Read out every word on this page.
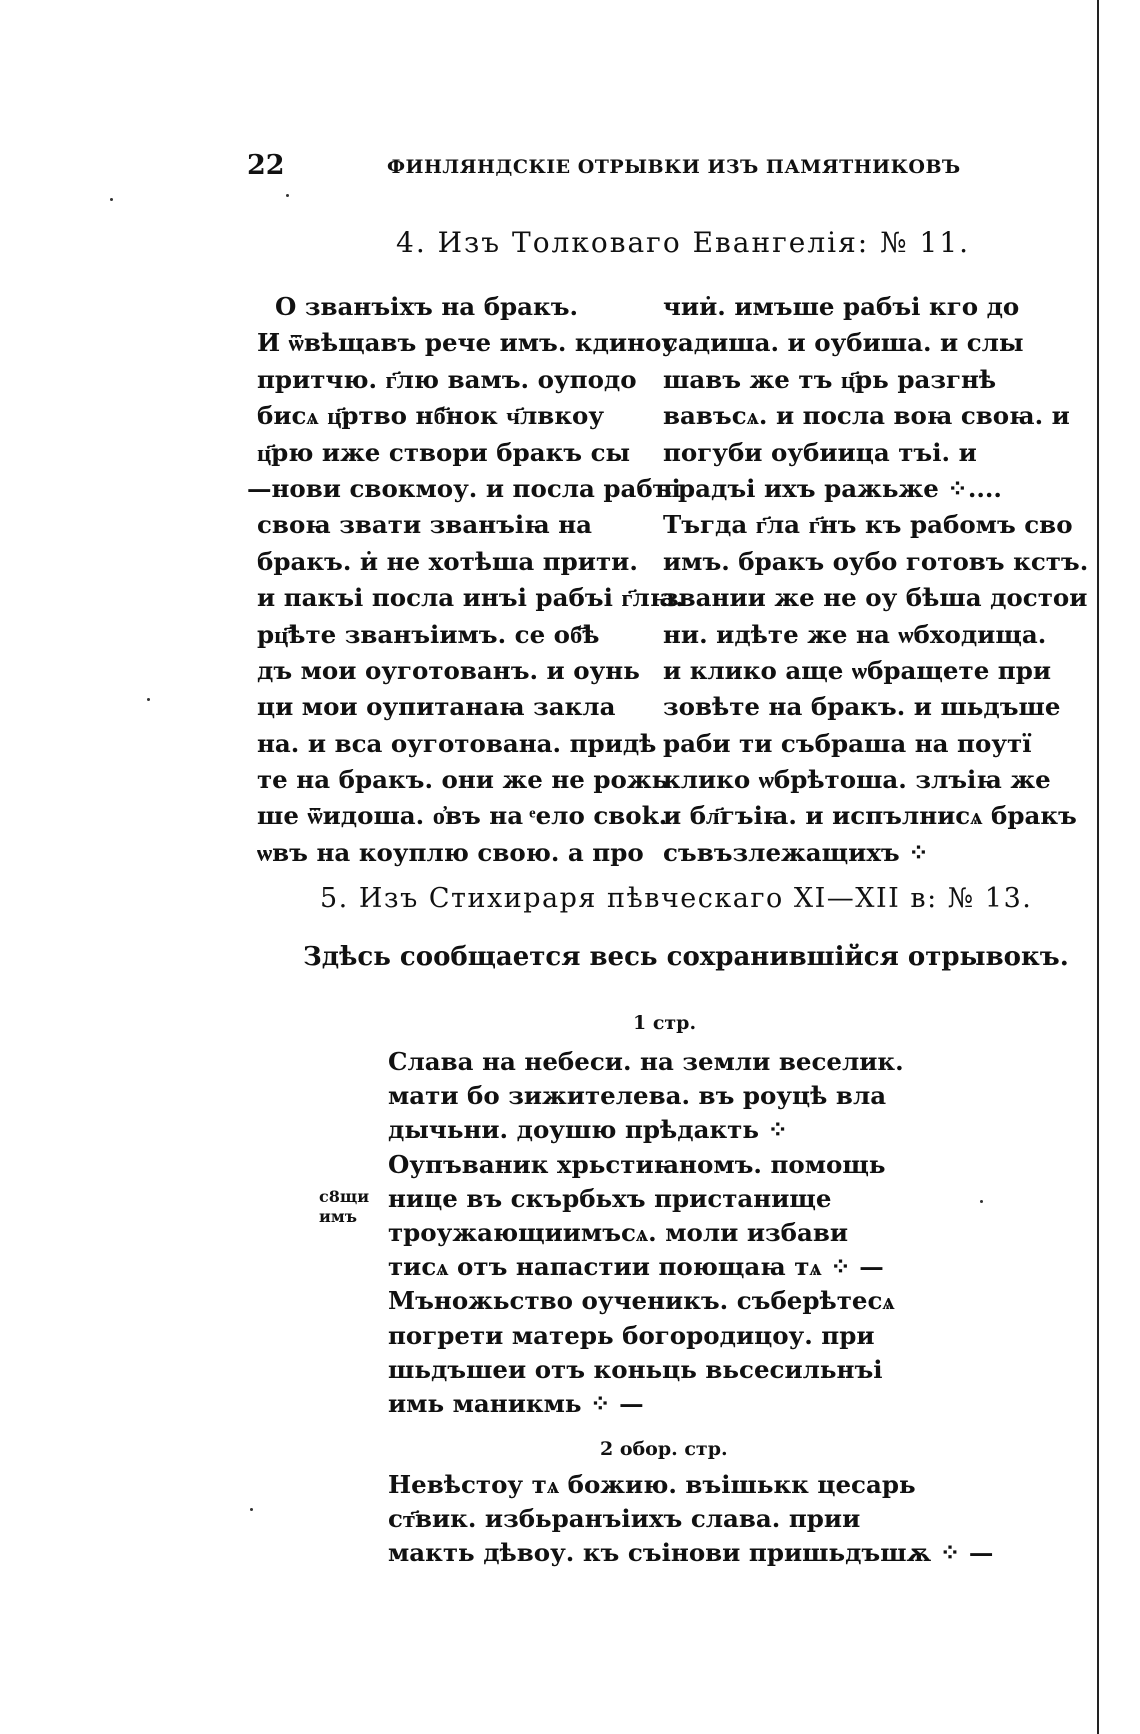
22	ФИНЛЯНДСКІЕ ОТРЫВКИ ИЗЪ ПАМЯТНИКОВЪ
4. Изъ Толковаго Евангелія: № 11.
О званъіхъ на бракъ.
И ѿвѣщавъ рече имъ. кдиноу
притчю. г҃лю вамъ. оуподо
бисѧ ц҃ртво нб҃нок ч҃лвкоу
ц҃рю иже створи бракъ сы
—нови свокмоу. и посла рабъі
своꙗ звати званъіꙗ на
бракъ. и̇ не хотѣша прити.
и пакъі посла инъі рабъі г҃лꙗ.
рц҃ѣте званъіимъ. се об҃ѣ
дъ мои оуготованъ. и оунь
ци мои оупитанаꙗ закла
на. и вса оуготована. придѣ
те на бракъ. они же не рожь
ше ѿидоша. о҆въ на ͤело своk.
ѡвъ на коуплю свою. а про
чии̇. имъше рабъі кго до
садиша. и оубиша. и слы
шавъ же тъ ц҃рь разгнѣ
вавъсѧ. и посла воꙗ своꙗ. и
погуби оубиица тъі. и
градъі ихъ ражьже ⁘....
Тъгда г҃ла г҃нъ къ рабомъ сво
имъ. бракъ оубо готовъ кстъ.
звании же не оу бѣша достои
ни. идѣте же на ѡбходища.
и клико аще ѡбращете при
зовѣте на бракъ. и шьдъше
раби ти събраша на поутї
клико ѡбрѣтоша. злъіꙗ же
и бл҃гъіꙗ. и испълнисѧ бракъ
съвъзлежащихъ ⁘
5. Изъ Стихираря пѣвческаго XI—XII в: № 13.
Здѣсь сообщается весь сохранившійся отрывокъ.
1 стр.
Слава на небеси. на земли веселик.
мати бо зижителева. въ роуцѣ вла
дычьни. доушю прѣдакть ⁘
Оупъваник хрьстиꙗномъ. помощь
нице въ скърбьхъ пристанище
троужающиимъсѧ. моли избави
тисѧ отъ напастии поющаꙗ тѧ ⁘ —
Мъножьство оученикъ. съберѣтесѧ
погрети матерь богородицоу. при
шьдъшеи отъ коньць вьсесильнъі
имь маникмь ⁘ —
с8щи
имъ
2 обор. стр.
Невѣстоу тѧ божию. въішькк цесарь
ст҃вик. избьранъіихъ слава. прии
макть дѣвоу. къ съінови пришьдъшѫ ⁘ —
